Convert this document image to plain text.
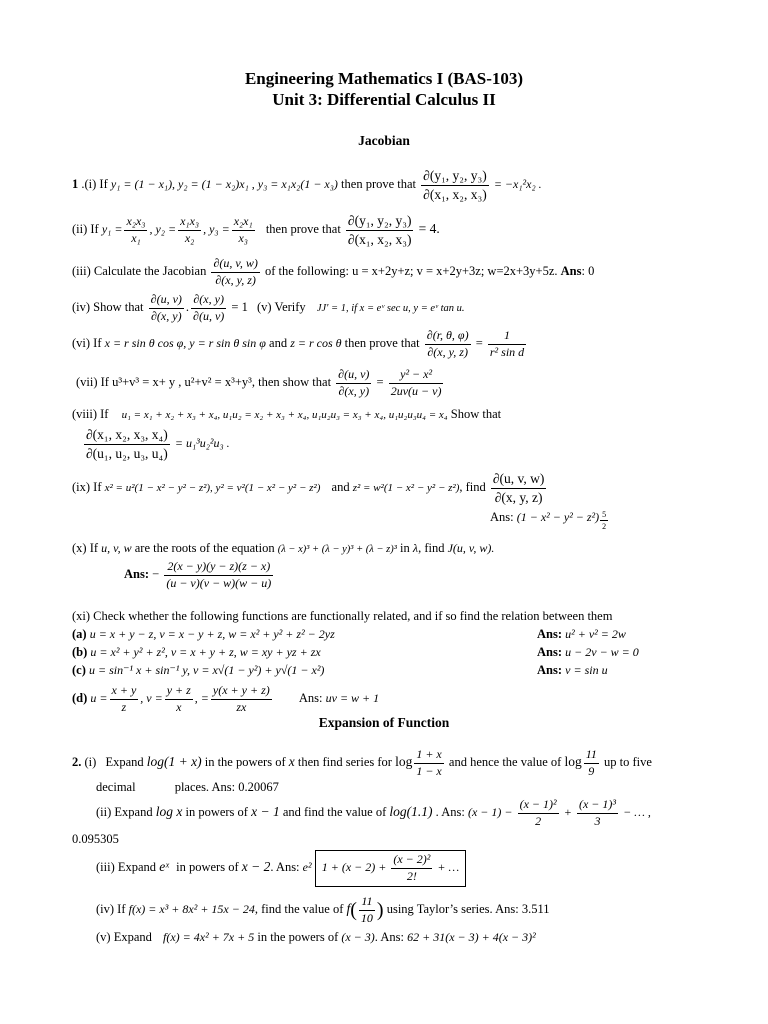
Engineering Mathematics I (BAS-103)
Unit 3: Differential Calculus II
Jacobian
1 .(i) If y₁ = (1 − x₁), y₂ = (1 − x₂)x₁ , y₃ = x₁x₂(1 − x₃) then prove that $\frac{\text{∂(y₁, y₂, y₃)}}{\text{∂(x₁, x₂, x₃)}} = -x_1^2x_2$ .
(ii) If $y_1 = \frac{\text{x₂x₃}}{\text{x₁}}$ , $y_2 = \frac{\text{x₁x₃}}{\text{x₂}}$ , $y_3 = \frac{\text{x₂x₁}}{\text{x₃}}$ then prove that $\frac{\text{∂(y₁, y₂, y₃)}}{\text{∂(x₁, x₂, x₃)}} = 4$.
(iii) Calculate the Jacobian $\frac{\partial(u, v, w)}{\partial(x, y, z)}$ of the following: u = x+2y+z; v = x+2y+3z; w=2x+3y+5z. Ans: 0
(iv) Show that $\frac{\partial(u, v)}{\partial(x, y)}$ . $\frac{\partial(x, y)}{\partial(u, v)} = 1$ (v) Verify JJ' = 1, if x = eᵛ sec u, y = eᵛ tan u.
(vi) If x = r sin θ cos φ, y = r sin θ sin φ and z = r cos θ then prove that $\frac{\partial(r, \theta, \varphi)}{\partial(x, y, z)} = \frac{1}{\text{r² sin d}}$
(vii) If u³+v³ = x+ y , u²+v² = x³+y³, then show that $\frac{\partial(u, v)}{\partial(x, y)} = \frac{\text{y² − x²}}{2uv(u - v)}$
(viii) If u₁ = x₁ + x₂ + x₃ + x₄, u₁u₂ = x₂ + x₃ + x₄, u₁u₂u₃ = x₃ + x₄, u₁u₂u₃u₄ = x₄ Show that
$\frac{\text{∂(x₁, x₂, x₃, x₄)}}{\text{∂(u₁, u₂, u₃, u₄)}} = u_1^3u_2^2u_3$ .
(ix) If x² = u²(1 − x² − y² − z²), y² = v²(1 − x² − y² − z²) and z² = w²(1 − x² − y² − z²), find $\frac{\partial(u, v, w)}{\partial(x, y, z)}$
Ans: $(1 - x^2 - y^2 - z^2) \frac{5}{2}$
(x) If u, v, w are the roots of the equation (λ − x)³ + (λ − y)³ + (λ − z)³ in λ, find J(u, v, w).
Ans: − $\frac{2(x - y)(y - z)(z - x)}{(u - v)(v - w)(w - u)}$
(xi) Check whether the following functions are functionally related, and if so find the relation between them
(a) u = x + y − z, v = x − y + z, w = x² + y² + z² − 2yz	Ans: u² + v² = 2w
(b) u = x² + y² + z², v = x + y + z, w = xy + yz + zx	Ans: u − 2v − w = 0
(c) u = sin⁻¹ x + sin⁻¹ y, v = x√(1 − y²) + y√(1 − x²)	Ans: v = sin u
(d) $u = \frac{x + y}{z}$ , $v = \frac{y + z}{x}$ , = $\frac{y(x + y + z)}{zx}$ Ans: uv = w + 1
Expansion of Function
2. (i) Expand log(1 + x) in the powers of x then find series for $\log \frac{1 + x}{1 - x}$ and hence the value of $\log \frac{11}{9}$ up to five
decimal	places. Ans: 0.20067
(ii) Expand log x in powers of x − 1 and find the value of log(1.1) . Ans: $(x - 1) - \frac{\text{(x − 1)²}}{2} + \frac{\text{(x − 1)³}}{3}$ − … ,
0.095305
(iii) Expand eˣ in powers of x − 2. Ans: e² $1 + (x - 2) + \frac{\text{(x − 2)²}}{2!}$ + …
(iv) If f(x) = x³ + 8x² + 15x − 24, find the value of $f( \frac{11}{10}$ ) using Taylor’s series. Ans: 3.511
(v) Expand f(x) = 4x² + 7x + 5 in the powers of (x − 3). Ans: 62 + 31(x − 3) + 4(x − 3)²
